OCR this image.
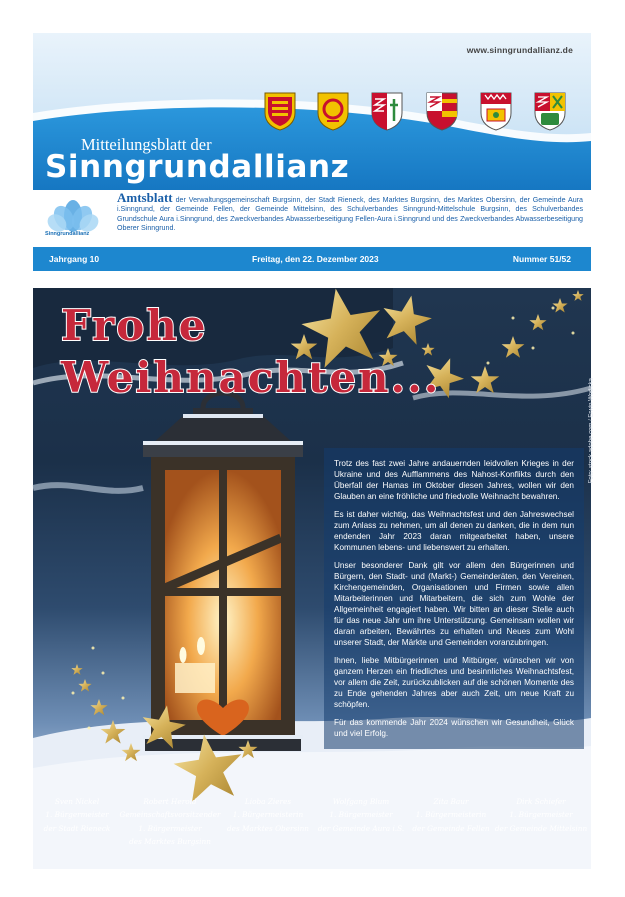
www.sinngrundallianz.de
Mitteilungsblatt der
Sinngrundallianz
Sinngrundallianz
Amtsblatt der Verwaltungsgemeinschaft Burgsinn, der Stadt Rieneck, des Marktes Burgsinn, des Marktes Obersinn, der Gemeinde Aura i.Sinngrund, der Gemeinde Fellen, der Gemeinde Mittelsinn, des Schulverbandes Sinngrund-Mittelschule Burgsinn, des Schulverbandes Grundschule Aura i.Sinngrund, des Zweckverbandes Abwasserbeseitigung Fellen-Aura i.Sinngrund und des Zweckverbandes Abwasserbeseitigung Oberer Sinngrund.
Jahrgang 10	Freitag, den 22. Dezember 2023	Nummer 51/52
Foto: stock.adobe.com / Erwin Wodicka
Frohe
Weihnachten...

Trotz des fast zwei Jahre andauernden leidvollen Krieges in der Ukraine und des Aufflammens des Nahost-Konflikts durch den Überfall der Hamas im Oktober diesen Jahres, wollen wir den Glauben an eine fröhliche und friedvolle Weihnacht bewahren.

Es ist daher wichtig, das Weihnachtsfest und den Jahreswechsel zum Anlass zu nehmen, um all denen zu danken, die in dem nun endenden Jahr 2023 daran mitgearbeitet haben, unsere Kommunen lebens- und liebenswert zu erhalten.

Unser besonderer Dank gilt vor allem den Bürgerinnen und Bürgern, den Stadt- und (Markt-) Gemeinderäten, den Vereinen, Kirchengemeinden, Organisationen und Firmen sowie allen Mitarbeiterinnen und Mitarbeitern, die sich zum Wohle der Allgemeinheit engagiert haben. Wir bitten an dieser Stelle auch für das neue Jahr um ihre Unterstützung. Gemeinsam wollen wir daran arbeiten, Bewährtes zu erhalten und Neues zum Wohl unserer Stadt, der Märkte und Gemeinden voranzubringen.

Ihnen, liebe Mitbürgerinnen und Mitbürger, wünschen wir von ganzem Herzen ein friedliches und besinnliches Weihnachtsfest, vor allem die Zeit, zurückzublicken auf die schönen Momente des zu Ende gehenden Jahres aber auch Zeit, um neue Kraft zu schöpfen.

Für das kommende Jahr 2024 wünschen wir Gesundheit, Glück und viel Erfolg.

Sven Nickel
1. Bürgermeister
der Stadt Rieneck
Robert Herold
Gemeinschaftsvorsitzender
1. Bürgermeister
des Marktes Burgsinn
Lioba Zieres
1. Bürgermeisterin
des Marktes Obersinn
Wolfgang Blum
1. Bürgermeister
der Gemeinde Aura i.S.
Zita Baur
1. Bürgermeisterin
der Gemeinde Fellen
Dirk Schiefer
1. Bürgermeister
der Gemeinde Mittelsinn
